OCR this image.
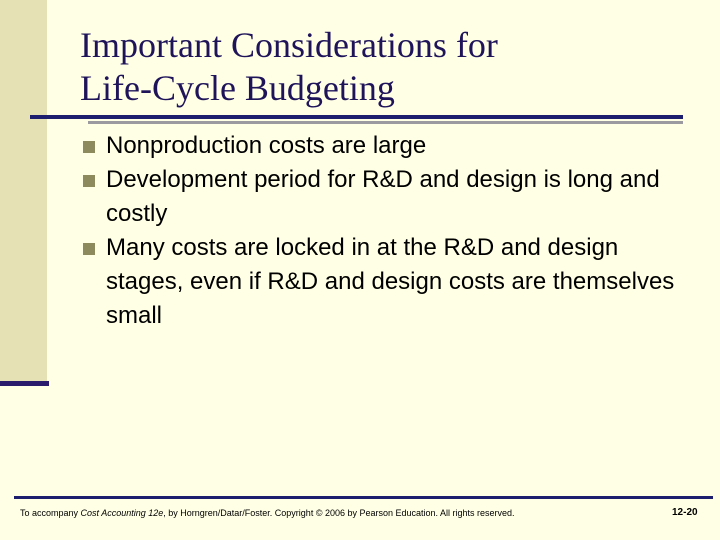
Important Considerations for
Life-Cycle Budgeting
Nonproduction costs are large
Development period for R&D and design is long and costly
Many costs are locked in at the R&D and design stages, even if R&D and design costs are themselves small
To accompany Cost Accounting 12e, by Horngren/Datar/Foster. Copyright © 2006 by Pearson Education. All rights reserved.	12-20
